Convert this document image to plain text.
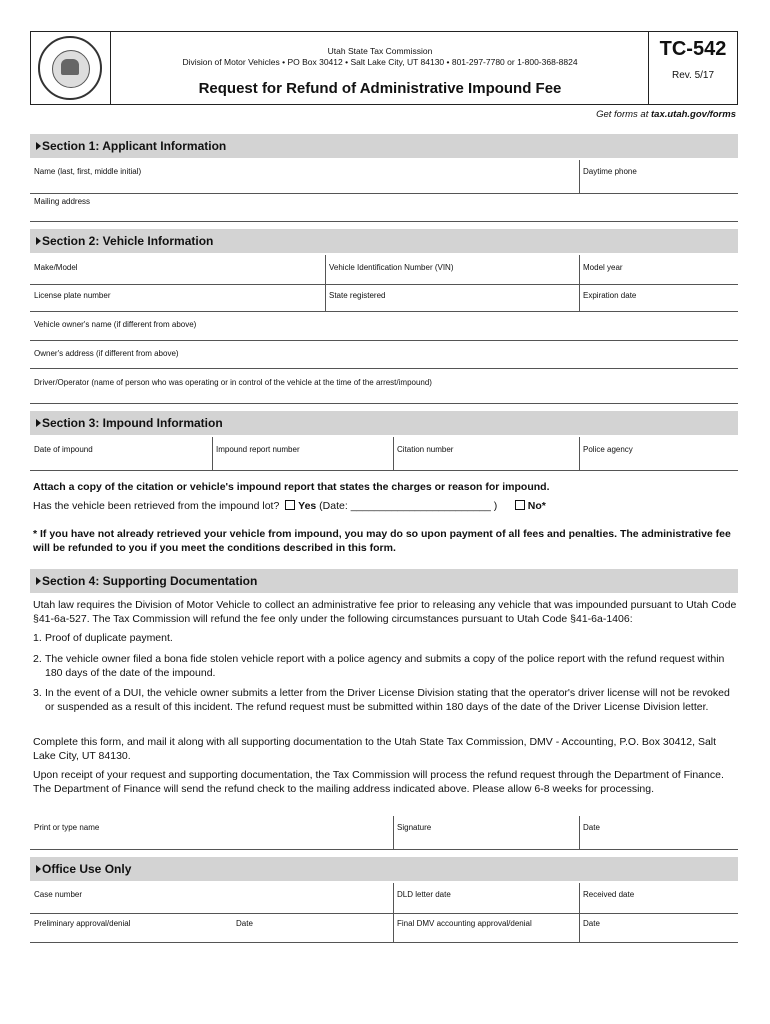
Utah State Tax Commission
Division of Motor Vehicles • PO Box 30412 • Salt Lake City, UT 84130 • 801-297-7780 or 1-800-368-8824
Request for Refund of Administrative Impound Fee
TC-542
Rev. 5/17
Get forms at tax.utah.gov/forms
Section 1: Applicant Information
Name (last, first, middle initial)	Daytime phone
Mailing address
Section 2: Vehicle Information
Make/Model	Vehicle Identification Number (VIN)	Model year
License plate number	State registered	Expiration date
Vehicle owner's name (if different from above)
Owner's address (if different from above)
Driver/Operator (name of person who was operating or in control of the vehicle at the time of the arrest/impound)
Section 3: Impound Information
Date of impound	Impound report number	Citation number	Police agency
Attach a copy of the citation or vehicle's impound report that states the charges or reason for impound.
Has the vehicle been retrieved from the impound lot? Yes (Date: ________________________ )	No*
* If you have not already retrieved your vehicle from impound, you may do so upon payment of all fees and penalties. The administrative fee will be refunded to you if you meet the conditions described in this form.
Section 4: Supporting Documentation
Utah law requires the Division of Motor Vehicle to collect an administrative fee prior to releasing any vehicle that was impounded pursuant to Utah Code §41-6a-527. The Tax Commission will refund the fee only under the following circumstances pursuant to Utah Code §41-6a-1406:
1. Proof of duplicate payment.
2. The vehicle owner filed a bona fide stolen vehicle report with a police agency and submits a copy of the police report with the refund request within 180 days of the date of the impound.
3. In the event of a DUI, the vehicle owner submits a letter from the Driver License Division stating that the operator's driver license will not be revoked or suspended as a result of this incident. The refund request must be submitted within 180 days of the date of the Driver License Division letter.
Complete this form, and mail it along with all supporting documentation to the Utah State Tax Commission, DMV - Accounting, P.O. Box 30412, Salt Lake City, UT 84130.
Upon receipt of your request and supporting documentation, the Tax Commission will process the refund request through the Department of Finance. The Department of Finance will send the refund check to the mailing address indicated above. Please allow 6-8 weeks for processing.
Print or type name	Signature	Date
Office Use Only
Case number	DLD letter date	Received date
Preliminary approval/denial	Date	Final DMV accounting approval/denial	Date
